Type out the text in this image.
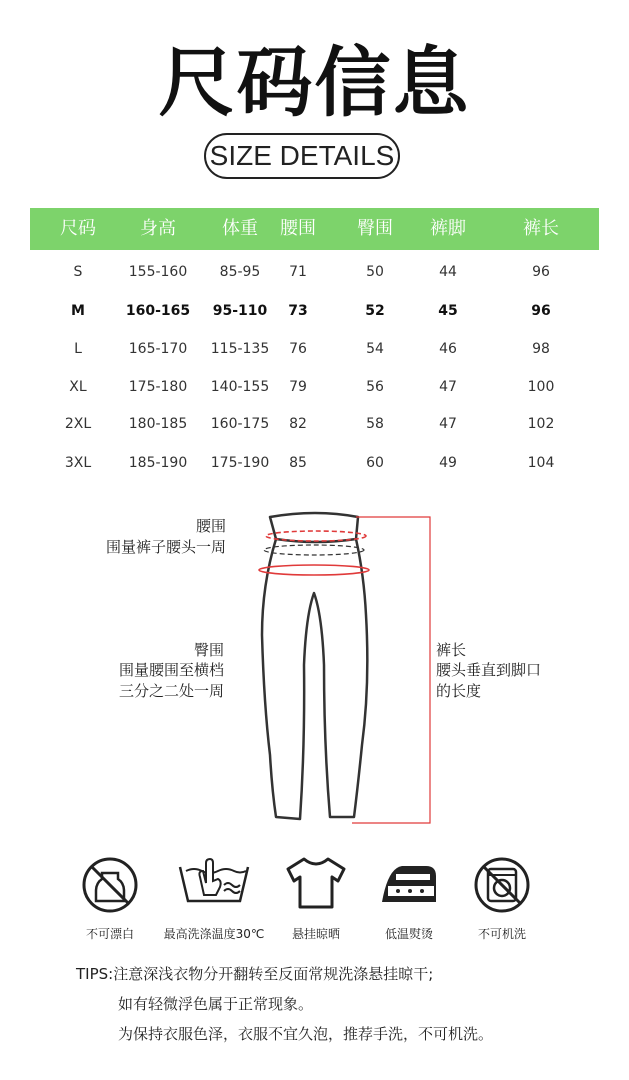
尺码信息
SIZE DETAILS
尺码	身高	体重	腰围	臀围	裤脚	裤长
S	155-160	85-95	71	50	44	96
M	160-165	95-110	73	52	45	96
L	165-170	115-135	76	54	46	98
XL	175-180	140-155	79	56	47	100
2XL	180-185	160-175	82	58	47	102
3XL	185-190	175-190	85	60	49	104
腰围
围量裤子腰头一周
臀围
围量腰围至横档
三分之二处一周
裤长
腰头垂直到脚口
的长度
不可漂白	最高洗涤温度30℃	悬挂晾晒	低温熨烫	不可机洗
TIPS:注意深浅衣物分开翻转至反面常规洗涤悬挂晾干;
如有轻微浮色属于正常现象。
为保持衣服色泽，衣服不宜久泡，推荐手洗，不可机洗。
